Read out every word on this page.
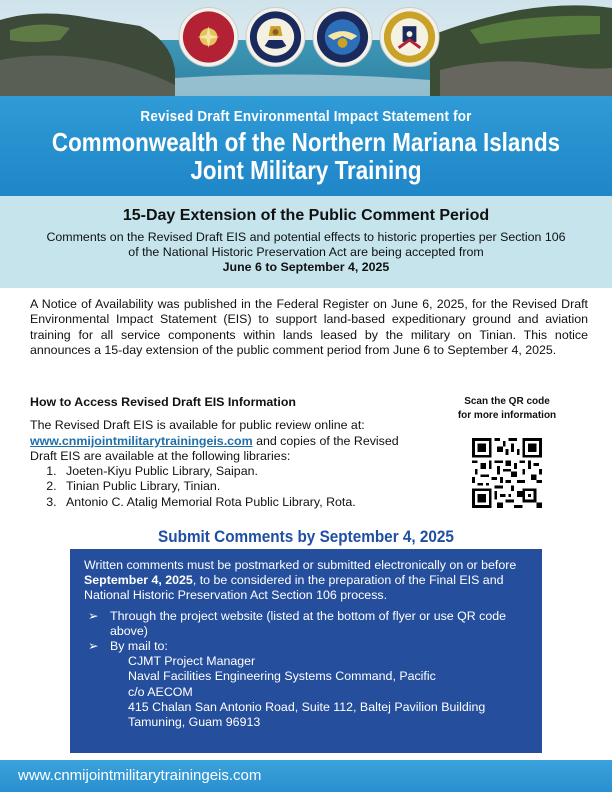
Revised Draft Environmental Impact Statement for
Commonwealth of the Northern Mariana Islands
Joint Military Training
15-Day Extension of the Public Comment Period
Comments on the Revised Draft EIS and potential effects to historic properties per Section 106 of the National Historic Preservation Act are being accepted from
June 6 to September 4, 2025
A Notice of Availability was published in the Federal Register on June 6, 2025, for the Revised Draft Environmental Impact Statement (EIS) to support land-based expeditionary ground and aviation training for all service components within lands leased by the military on Tinian. This notice announces a 15-day extension of the public comment period from June 6 to September 4, 2025.
How to Access Revised Draft EIS Information

The Revised Draft EIS is available for public review online at:
www.cnmijointmilitarytrainingeis.com and copies of the Revised Draft EIS are available at the following libraries:

1. Joeten-Kiyu Public Library, Saipan.
2. Tinian Public Library, Tinian.
3. Antonio C. Atalig Memorial Rota Public Library, Rota.
Scan the QR code
for more information
Submit Comments by September 4, 2025

Written comments must be postmarked or submitted electronically on or before September 4, 2025, to be considered in the preparation of the Final EIS and National Historic Preservation Act Section 106 process.

➢ Through the project website (listed at the bottom of flyer or use QR code above)
➢ By mail to:
CJMT Project Manager
Naval Facilities Engineering Systems Command, Pacific
c/o AECOM
415 Chalan San Antonio Road, Suite 112, Baltej Pavilion Building
Tamuning, Guam 96913
www.cnmijointmilitarytrainingeis.com
